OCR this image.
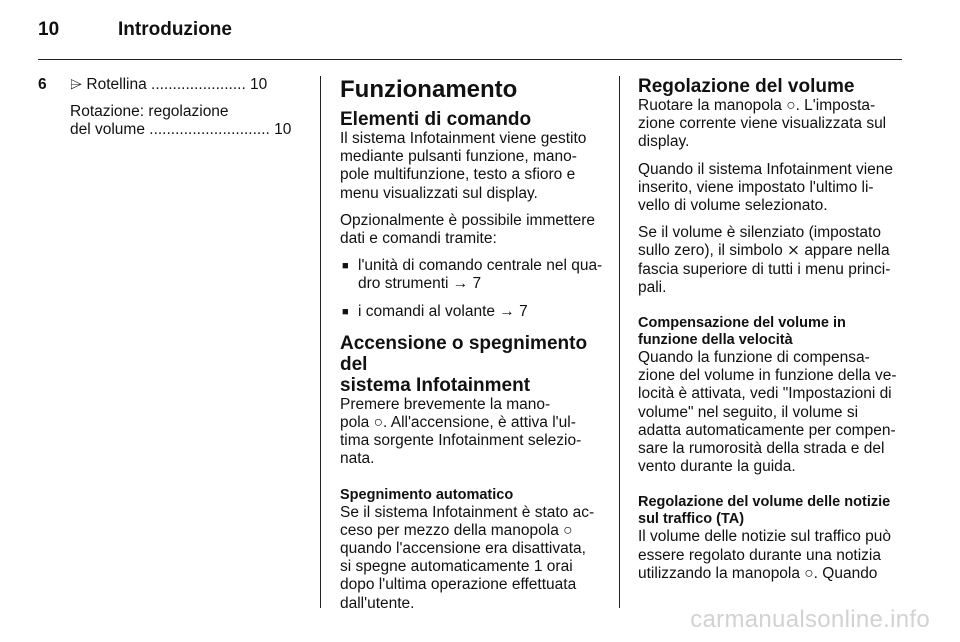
10	Introduzione
6	⌲ Rotellina ...................... 10
Rotazione: regolazione
del volume ............................ 10
Funzionamento
Elementi di comando

Il sistema Infotainment viene gestito
mediante pulsanti funzione, mano-
pole multifunzione, testo a sfioro e
menu visualizzati sul display.

Opzionalmente è possibile immettere
dati e comandi tramite:

■ l'unità di comando centrale nel qua-
dro strumenti → 7
■ i comandi al volante → 7
Accensione o spegnimento del
sistema Infotainment

Premere brevemente la mano-
pola ○. All'accensione, è attiva l'ul-
tima sorgente Infotainment selezio-
nata.

Spegnimento automatico

Se il sistema Infotainment è stato ac-
ceso per mezzo della manopola ○
quando l'accensione era disattivata,
si spegne automaticamente 1 orai
dopo l'ultima operazione effettuata
dall'utente.

Regolazione del volume

Ruotare la manopola ○. L'imposta-
zione corrente viene visualizzata sul
display.

Quando il sistema Infotainment viene
inserito, viene impostato l'ultimo li-
vello di volume selezionato.

Se il volume è silenziato (impostato
sullo zero), il simbolo ⨯ appare nella
fascia superiore di tutti i menu princi-
pali.

Compensazione del volume in
funzione della velocità

Quando la funzione di compensa-
zione del volume in funzione della ve-
locità è attivata, vedi "Impostazioni di
volume" nel seguito, il volume si
adatta automaticamente per compen-
sare la rumorosità della strada e del
vento durante la guida.

Regolazione del volume delle notizie
sul traffico (TA)

Il volume delle notizie sul traffico può
essere regolato durante una notizia
utilizzando la manopola ○. Quando

carmanualsonline.info
